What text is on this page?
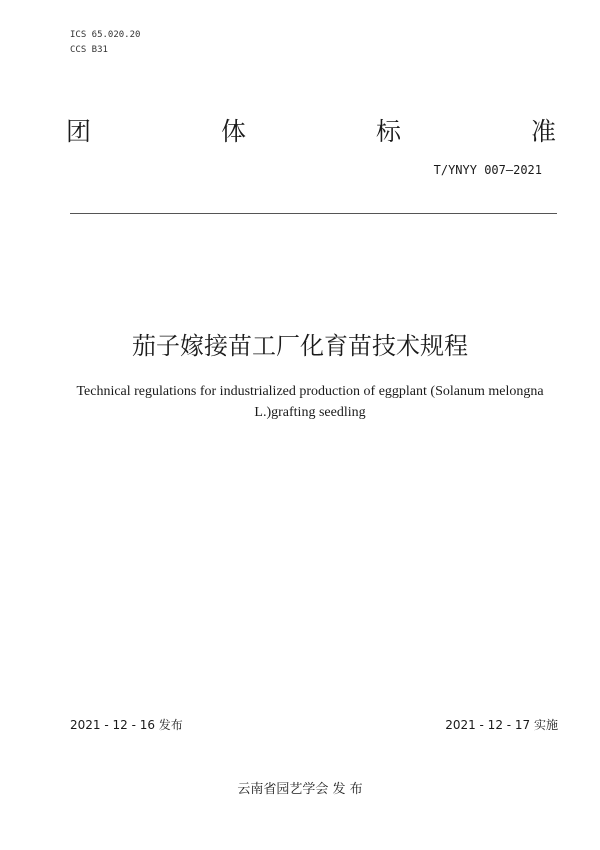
ICS 65.020.20
CCS B31
团	体	标	准
T/YNYY 007—2021
茄子嫁接苗工厂化育苗技术规程
Technical regulations for industrialized production of eggplant (Solanum melongna
L.)grafting seedling
2021 - 12 - 16 发布	2021 - 12 - 17 实施
云南省园艺学会 发 布
